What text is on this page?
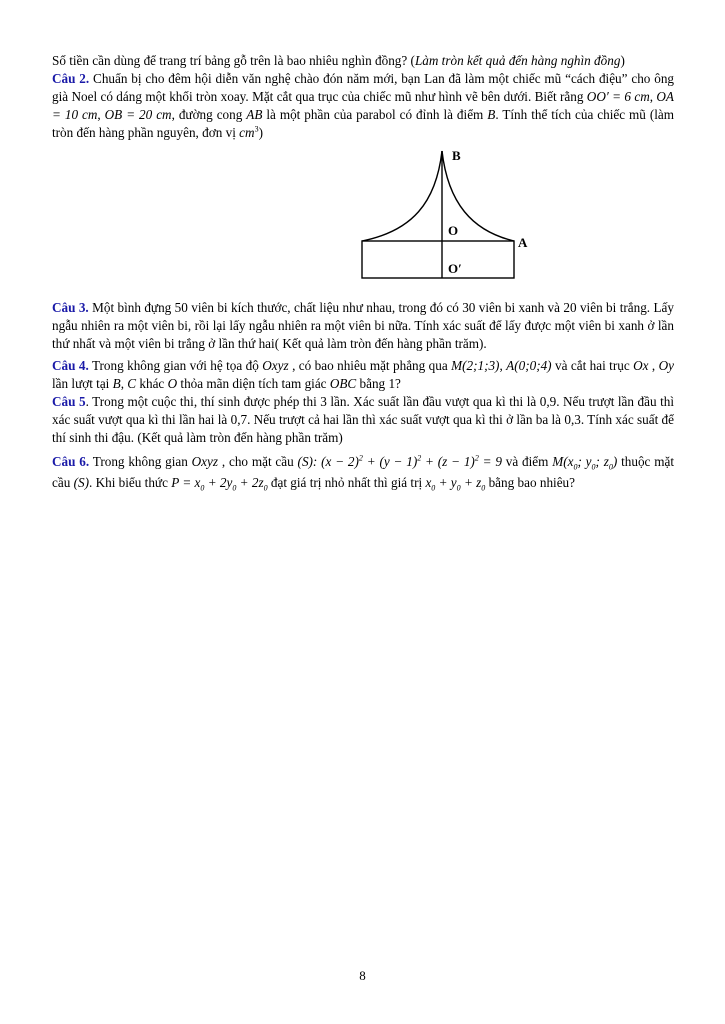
Số tiền cần dùng để trang trí bảng gỗ trên là bao nhiêu nghìn đồng? (Làm tròn kết quả đến hàng nghìn đồng)

Câu 2. Chuẩn bị cho đêm hội diễn văn nghệ chào đón năm mới, bạn Lan đã làm một chiếc mũ “cách điệu” cho ông già Noel có dáng một khối tròn xoay. Mặt cắt qua trục của chiếc mũ như hình vẽ bên dưới. Biết rằng OO′ = 6 cm, OA = 10 cm, OB = 20 cm, đường cong AB là một phần của parabol có đỉnh là điểm B. Tính thể tích của chiếc mũ (làm tròn đến hàng phần nguyên, đơn vị $cm^3$)

B
O
A
O′

Câu 3. Một bình đựng 50 viên bi kích thước, chất liệu như nhau, trong đó có 30 viên bi xanh và 20 viên bi trắng. Lấy ngẫu nhiên ra một viên bi, rồi lại lấy ngẫu nhiên ra một viên bi nữa. Tính xác suất để lấy được một viên bi xanh ở lần thứ nhất và một viên bi trắng ở lần thứ hai( Kết quả làm tròn đến hàng phần trăm).

Câu 4. Trong không gian với hệ tọa độ Oxyz , có bao nhiêu mặt phẳng qua M(2;1;3), A(0;0;4) và cắt hai trục Ox , Oy lần lượt tại B, C khác O thỏa mãn diện tích tam giác OBC bằng 1?

Câu 5. Trong một cuộc thi, thí sinh được phép thi 3 lần. Xác suất lần đầu vượt qua kì thi là 0,9. Nếu trượt lần đầu thì xác suất vượt qua kì thi lần hai là 0,7. Nếu trượt cả hai lần thì xác suất vượt qua kì thi ở lần ba là 0,3. Tính xác suất để thí sinh thi đậu. (Kết quả làm tròn đến hàng phần trăm)

Câu 6. Trong không gian Oxyz , cho mặt cầu (S): $(x - 2)^2 + (y - 1)^2 + (z - 1)^2 = 9$ và điểm $M(x_0$; $y_0$; $z_0$) thuộc mặt cầu (S). Khi biểu thức $P = x_0 + 2y_0 + 2z_0$ đạt giá trị nhỏ nhất thì giá trị $x_0 + y_0 + z_0$ bằng bao nhiêu?

8
